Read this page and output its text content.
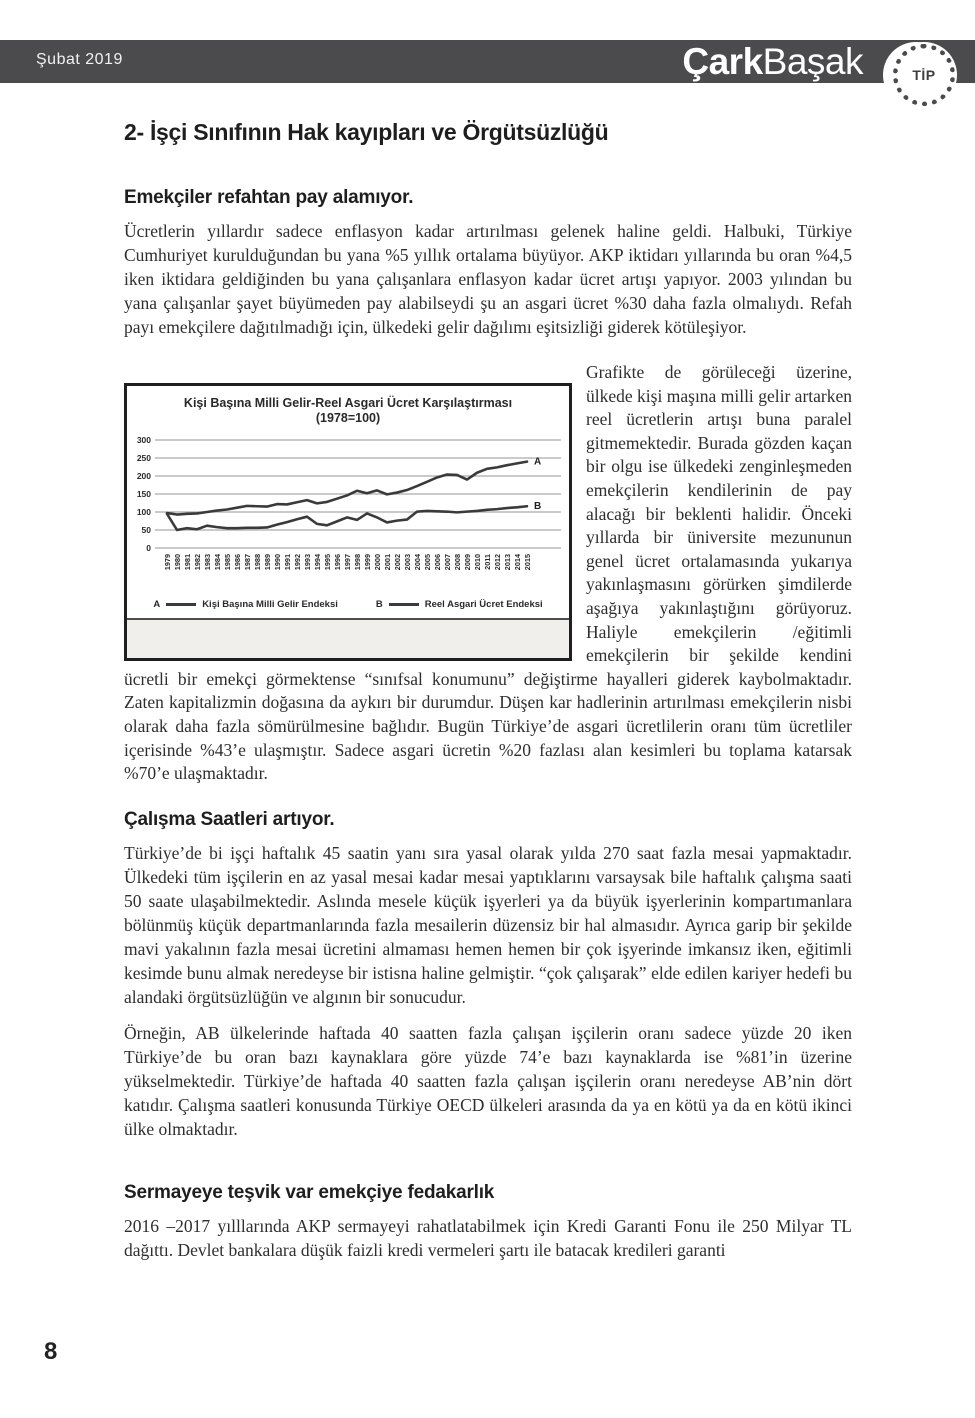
Şubat 2019	ÇarkBaşak	TİP
2- İşçi Sınıfının Hak kayıpları ve Örgütsüzlüğü
Emekçiler refahtan pay alamıyor.

Ücretlerin yıllardır sadece enflasyon kadar artırılması gelenek haline geldi. Halbuki, Türkiye Cumhuriyet kurulduğundan bu yana %5 yıllık ortalama büyüyor. AKP iktidarı yıllarında bu oran %4,5 iken iktidara geldiğinden bu yana çalışanlara enflasyon kadar ücret artışı yapıyor. 2003 yılından bu yana çalışanlar şayet büyümeden pay alabilseydi şu an asgari ücret %30 daha fazla olmalıydı. Refah payı emekçilere dağıtılmadığı için, ülkedeki gelir dağılımı eşitsizliği giderek kötüleşiyor.

Kişi Başına Milli Gelir-Reel Asgari Ücret Karşılaştırması
(1978=100)
0
50
100
150
200
250
300
A
B
1979 1980 1981 1982 1983 1984 1985 1986 1987 1988 1989 1990 1991 1992 1993 1994 1995 1996 1997 1998 1999 2000 2001 2002 2003 2004 2005 2006 2007 2008 2009 2010 2011 2012 2013 2014 2015
A	Kişi Başına Milli Gelir Endeksi	B	Reel Asgari Ücret Endeksi

Grafikte de görüleceği üzerine, ülkede kişi maşına milli gelir artarken reel ücretlerin artışı buna paralel gitmemektedir. Burada gözden kaçan bir olgu ise ülkedeki zenginleşmeden emekçilerin kendilerinin de pay alacağı bir beklenti halidir. Önceki yıllarda bir üniversite mezununun genel ücret ortalamasında yukarıya yakınlaşmasını görürken şimdilerde aşağıya yakınlaştığını görüyoruz. Haliyle emekçilerin /eğitimli emekçilerin bir şekilde kendini ücretli bir emekçi görmektense “sınıfsal konumunu” değiştirme hayalleri giderek kaybolmaktadır. Zaten kapitalizmin doğasına da aykırı bir durumdur. Düşen kar hadlerinin artırılması emekçilerin nisbi olarak daha fazla sömürülmesine bağlıdır. Bugün Türkiye’de asgari ücretlilerin oranı tüm ücretliler içerisinde %43’e ulaşmıştır. Sadece asgari ücretin %20 fazlası alan kesimleri bu toplama katarsak %70’e ulaşmaktadır.

Çalışma Saatleri artıyor.

Türkiye’de bi işçi haftalık 45 saatin yanı sıra yasal olarak yılda 270 saat fazla mesai yapmaktadır. Ülkedeki tüm işçilerin en az yasal mesai kadar mesai yaptıklarını varsaysak bile haftalık çalışma saati 50 saate ulaşabilmektedir. Aslında mesele küçük işyerleri ya da büyük işyerlerinin kompartımanlara bölünmüş küçük departmanlarında fazla mesailerin düzensiz bir hal almasıdır. Ayrıca garip bir şekilde mavi yakalının fazla mesai ücretini almaması hemen hemen bir çok işyerinde imkansız iken, eğitimli kesimde bunu almak neredeyse bir istisna haline gelmiştir. “çok çalışarak” elde edilen kariyer hedefi bu alandaki örgütsüzlüğün ve algının bir sonucudur.

Örneğin, AB ülkelerinde haftada 40 saatten fazla çalışan işçilerin oranı sadece yüzde 20 iken Türkiye’de bu oran bazı kaynaklara göre yüzde 74’e bazı kaynaklarda ise %81’in üzerine yükselmektedir. Türkiye’de haftada 40 saatten fazla çalışan işçilerin oranı neredeyse AB’nin dört katıdır. Çalışma saatleri konusunda Türkiye OECD ülkeleri arasında da ya en kötü ya da en kötü ikinci ülke olmaktadır.

Sermayeye teşvik var emekçiye fedakarlık

2016 –2017 yılllarında AKP sermayeyi rahatlatabilmek için Kredi Garanti Fonu ile 250 Milyar TL dağıttı. Devlet bankalara düşük faizli kredi vermeleri şartı ile batacak kredileri garanti

8
